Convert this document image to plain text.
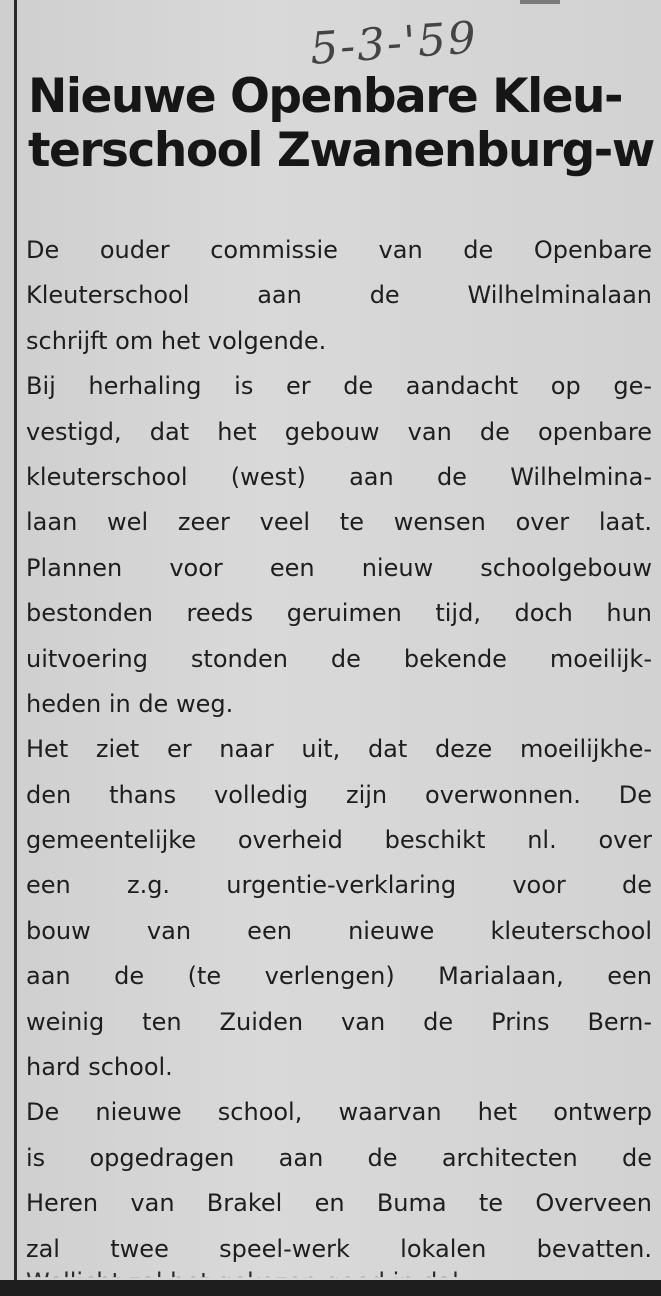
5-3-'59
Nieuwe Openbare Kleu-
terschool Zwanenburg-w

De ouder commissie van de Openbare
Kleuterschool aan de Wilhelminalaan
schrijft om het volgende.

Bij herhaling is er de aandacht op ge-
vestigd, dat het gebouw van de openbare
kleuterschool (west) aan de Wilhelmina-
laan wel zeer veel te wensen over laat.
Plannen voor een nieuw schoolgebouw
bestonden reeds geruimen tijd, doch hun
uitvoering stonden de bekende moeilijk-
heden in de weg.

Het ziet er naar uit, dat deze moeilijkhe-
den thans volledig zijn overwonnen. De
gemeentelijke overheid beschikt nl. over
een z.g. urgentie-verklaring voor de
bouw van een nieuwe kleuterschool
aan de (te verlengen) Marialaan, een
weinig ten Zuiden van de Prins Bern-
hard school.

De nieuwe school, waarvan het ontwerp
is opgedragen aan de architecten de
Heren van Brakel en Buma te Overveen
zal twee speel-werk lokalen bevatten.
